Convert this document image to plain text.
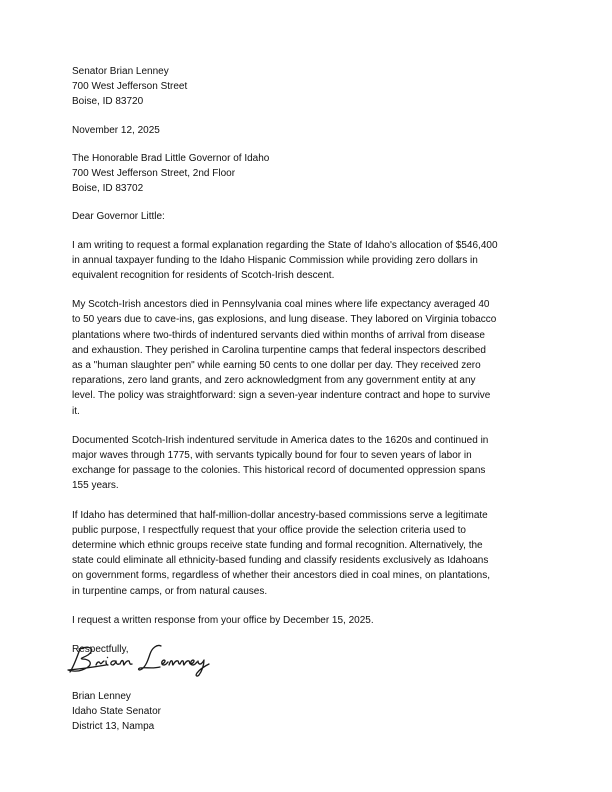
Senator Brian Lenney
700 West Jefferson Street
Boise, ID 83720
November 12, 2025
The Honorable Brad Little Governor of Idaho
700 West Jefferson Street, 2nd Floor
Boise, ID 83702
Dear Governor Little:
I am writing to request a formal explanation regarding the State of Idaho's allocation of $546,400
in annual taxpayer funding to the Idaho Hispanic Commission while providing zero dollars in
equivalent recognition for residents of Scotch-Irish descent.
My Scotch-Irish ancestors died in Pennsylvania coal mines where life expectancy averaged 40
to 50 years due to cave-ins, gas explosions, and lung disease. They labored on Virginia tobacco
plantations where two-thirds of indentured servants died within months of arrival from disease
and exhaustion. They perished in Carolina turpentine camps that federal inspectors described
as a "human slaughter pen" while earning 50 cents to one dollar per day. They received zero
reparations, zero land grants, and zero acknowledgment from any government entity at any
level. The policy was straightforward: sign a seven-year indenture contract and hope to survive
it.
Documented Scotch-Irish indentured servitude in America dates to the 1620s and continued in
major waves through 1775, with servants typically bound for four to seven years of labor in
exchange for passage to the colonies. This historical record of documented oppression spans
155 years.
If Idaho has determined that half-million-dollar ancestry-based commissions serve a legitimate
public purpose, I respectfully request that your office provide the selection criteria used to
determine which ethnic groups receive state funding and formal recognition. Alternatively, the
state could eliminate all ethnicity-based funding and classify residents exclusively as Idahoans
on government forms, regardless of whether their ancestors died in coal mines, on plantations,
in turpentine camps, or from natural causes.
I request a written response from your office by December 15, 2025.
Respectfully,
Brian Lenney
Idaho State Senator
District 13, Nampa
